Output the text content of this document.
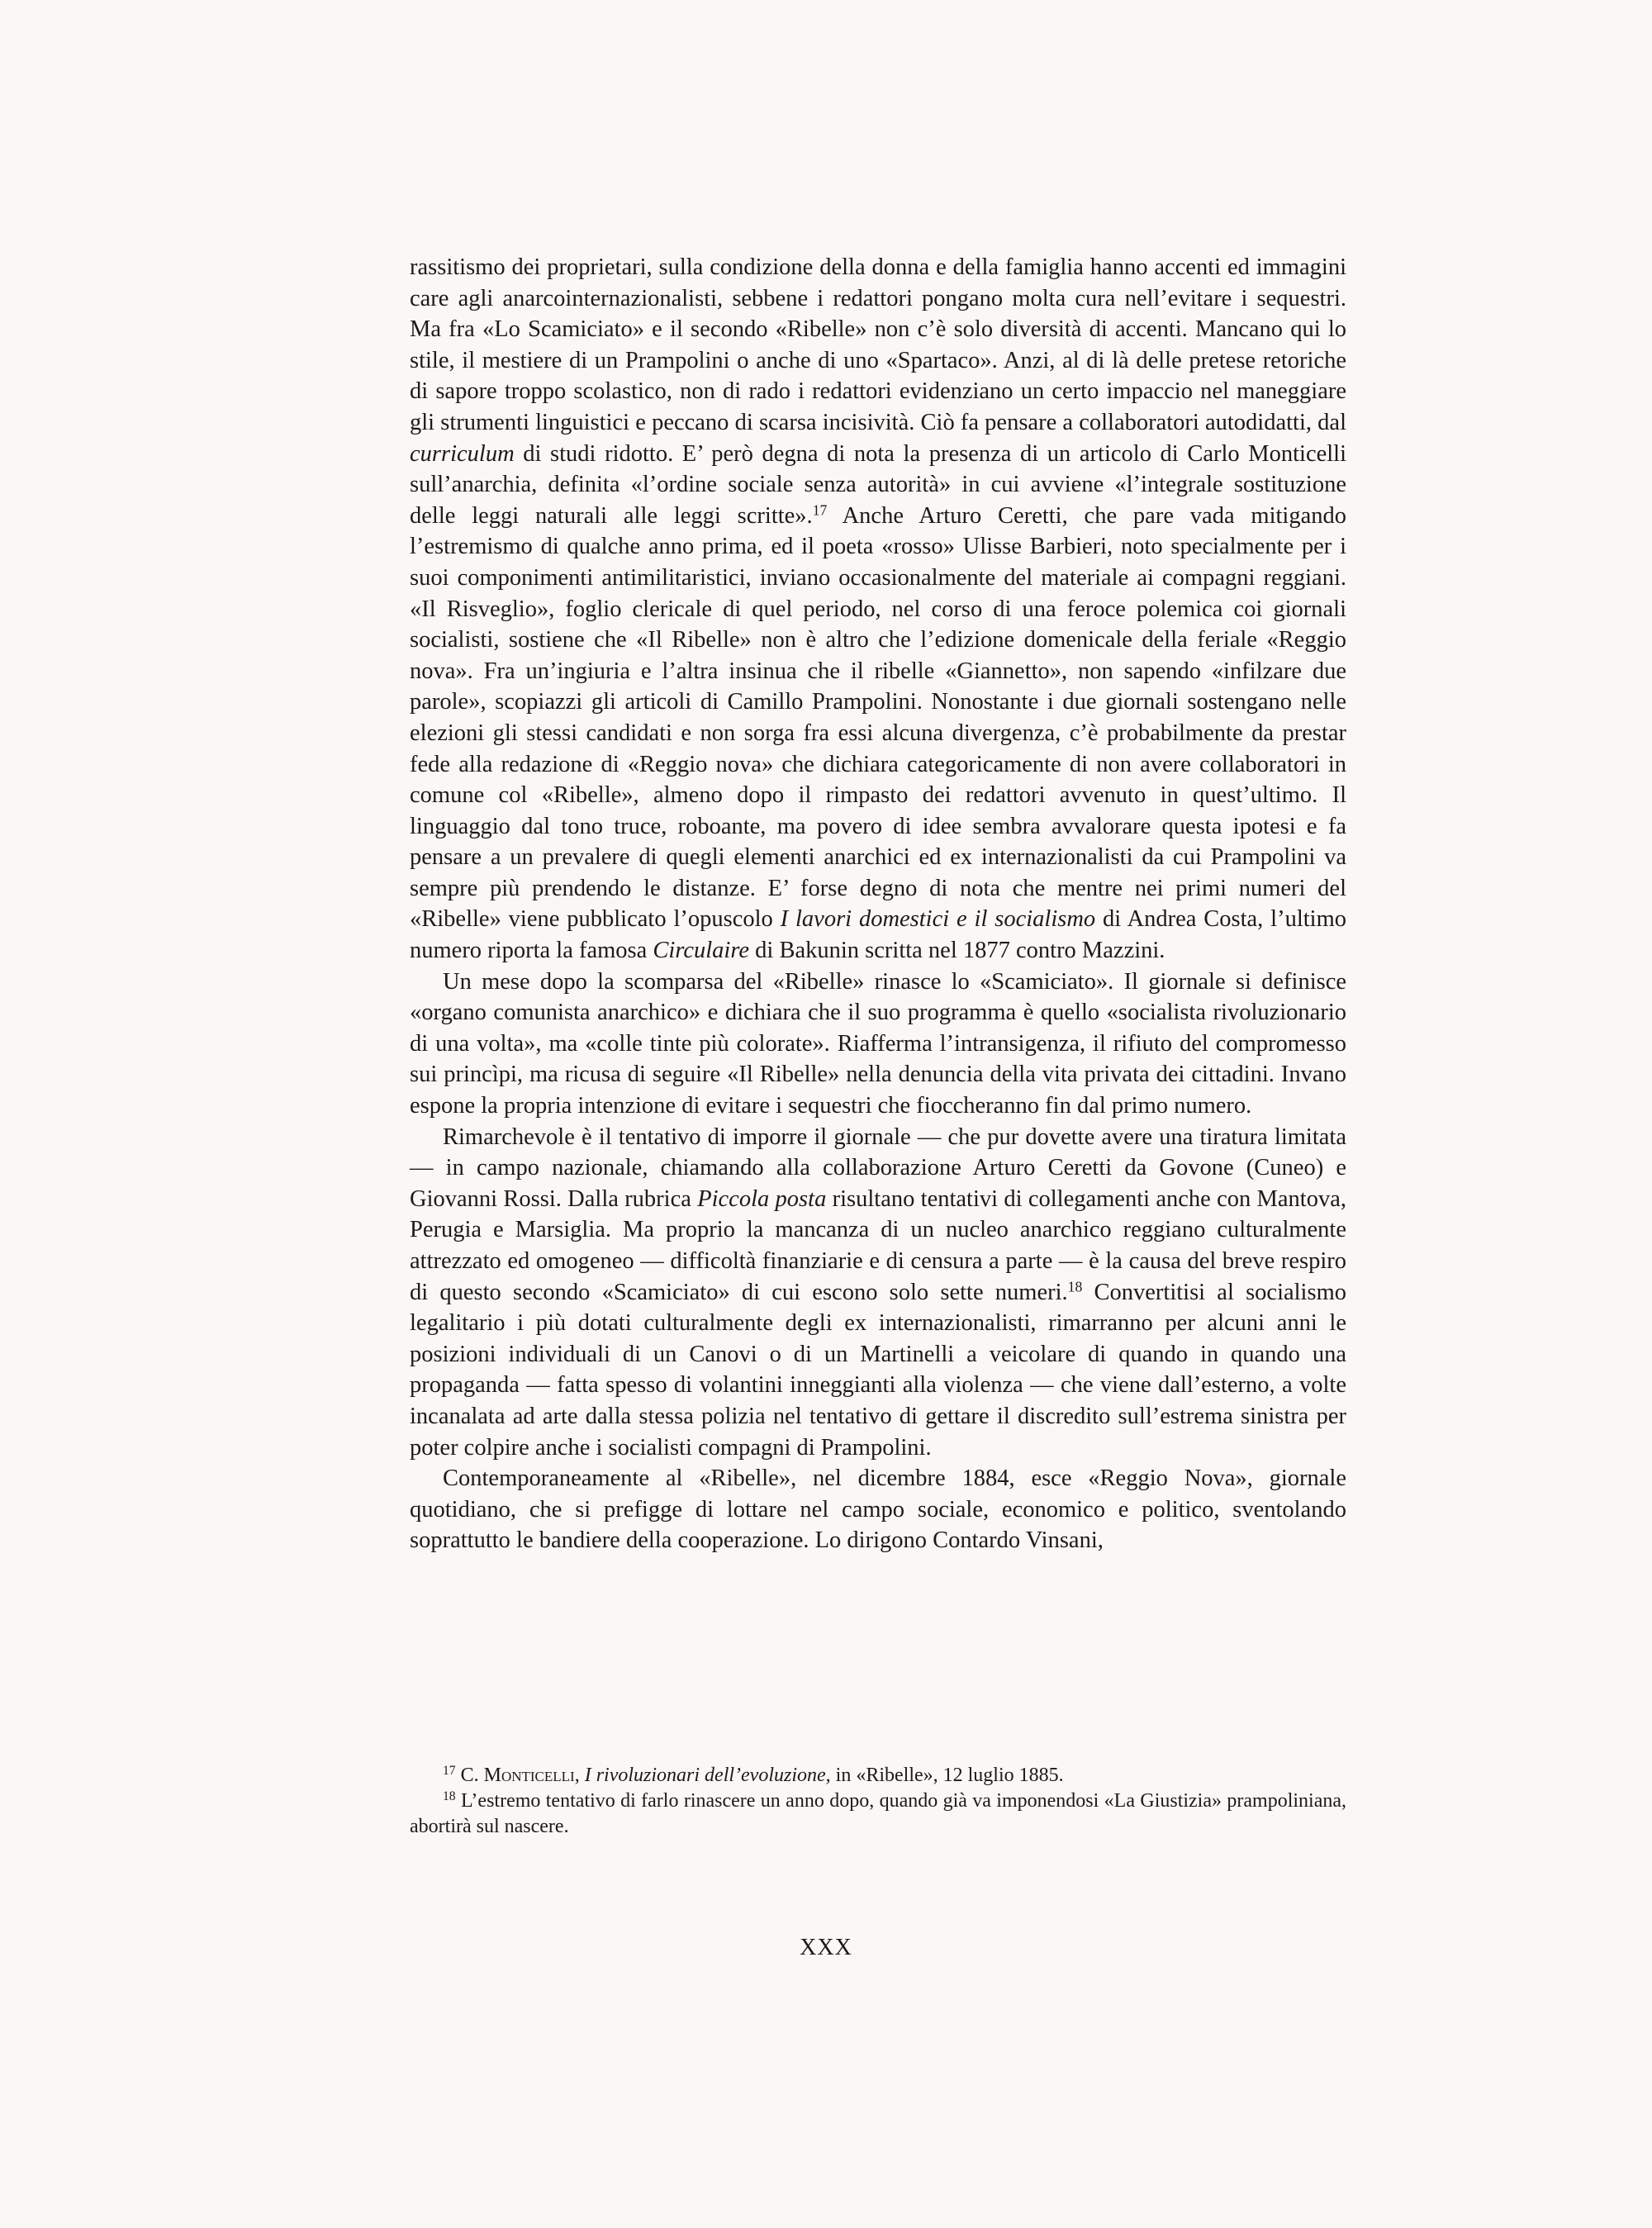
rassitismo dei proprietari, sulla condizione della donna e della famiglia hanno accenti ed immagini care agli anarcointernazionalisti, sebbene i redattori pongano molta cura nell’evitare i sequestri. Ma fra «Lo Scamiciato» e il secondo «Ribelle» non c’è solo diversità di accenti. Mancano qui lo stile, il mestiere di un Prampolini o anche di uno «Spartaco». Anzi, al di là delle pretese retoriche di sapore troppo scolastico, non di rado i redattori evidenziano un certo impaccio nel maneggiare gli strumenti linguistici e peccano di scarsa incisività. Ciò fa pensare a collaboratori autodidatti, dal curriculum di studi ridotto. E’ però degna di nota la presenza di un articolo di Carlo Monticelli sull’anarchia, definita «l’ordine sociale senza autorità» in cui avviene «l’integrale sostituzione delle leggi naturali alle leggi scritte».$^{17}$ Anche Arturo Ceretti, che pare vada mitigando l’estremismo di qualche anno prima, ed il poeta «rosso» Ulisse Barbieri, noto specialmente per i suoi componimenti antimilitaristici, inviano occasionalmente del materiale ai compagni reggiani. «Il Risveglio», foglio clericale di quel periodo, nel corso di una feroce polemica coi giornali socialisti, sostiene che «Il Ribelle» non è altro che l’edizione domenicale della feriale «Reggio nova». Fra un’ingiuria e l’altra insinua che il ribelle «Giannetto», non sapendo «infilzare due parole», scopiazzi gli articoli di Camillo Prampolini. Nonostante i due giornali sostengano nelle elezioni gli stessi candidati e non sorga fra essi alcuna divergenza, c’è probabilmente da prestar fede alla redazione di «Reggio nova» che dichiara categoricamente di non avere collaboratori in comune col «Ribelle», almeno dopo il rimpasto dei redattori avvenuto in quest’ultimo. Il linguaggio dal tono truce, roboante, ma povero di idee sembra avvalorare questa ipotesi e fa pensare a un prevalere di quegli elementi anarchici ed ex internazionalisti da cui Prampolini va sempre più prendendo le distanze. E’ forse degno di nota che mentre nei primi numeri del «Ribelle» viene pubblicato l’opuscolo I lavori domestici e il socialismo di Andrea Costa, l’ultimo numero riporta la famosa Circulaire di Bakunin scritta nel 1877 contro Mazzini.

Un mese dopo la scomparsa del «Ribelle» rinasce lo «Scamiciato». Il giornale si definisce «organo comunista anarchico» e dichiara che il suo programma è quello «socialista rivoluzionario di una volta», ma «colle tinte più colorate». Riafferma l’intransigenza, il rifiuto del compromesso sui princìpi, ma ricusa di seguire «Il Ribelle» nella denuncia della vita privata dei cittadini. Invano espone la propria intenzione di evitare i sequestri che fioccheranno fin dal primo numero.

Rimarchevole è il tentativo di imporre il giornale — che pur dovette avere una tiratura limitata — in campo nazionale, chiamando alla collaborazione Arturo Ceretti da Govone (Cuneo) e Giovanni Rossi. Dalla rubrica Piccola posta risultano tentativi di collegamenti anche con Mantova, Perugia e Marsiglia. Ma proprio la mancanza di un nucleo anarchico reggiano culturalmente attrezzato ed omogeneo — difficoltà finanziarie e di censura a parte — è la causa del breve respiro di questo secondo «Scamiciato» di cui escono solo sette numeri.$^{18}$ Convertitisi al socialismo legalitario i più dotati culturalmente degli ex internazionalisti, rimarranno per alcuni anni le posizioni individuali di un Canovi o di un Martinelli a veicolare di quando in quando una propaganda — fatta spesso di volantini inneggianti alla violenza — che viene dall’esterno, a volte incanalata ad arte dalla stessa polizia nel tentativo di gettare il discredito sull’estrema sinistra per poter colpire anche i socialisti compagni di Prampolini.

Contemporaneamente al «Ribelle», nel dicembre 1884, esce «Reggio Nova», giornale quotidiano, che si prefigge di lottare nel campo sociale, economico e politico, sventolando soprattutto le bandiere della cooperazione. Lo dirigono Contardo Vinsani,

$^{17}$ C. Monticelli, I rivoluzionari dell’evoluzione, in «Ribelle», 12 luglio 1885.

$^{18}$ L’estremo tentativo di farlo rinascere un anno dopo, quando già va imponendosi «La Giustizia» prampoliniana, abortirà sul nascere.

XXX
